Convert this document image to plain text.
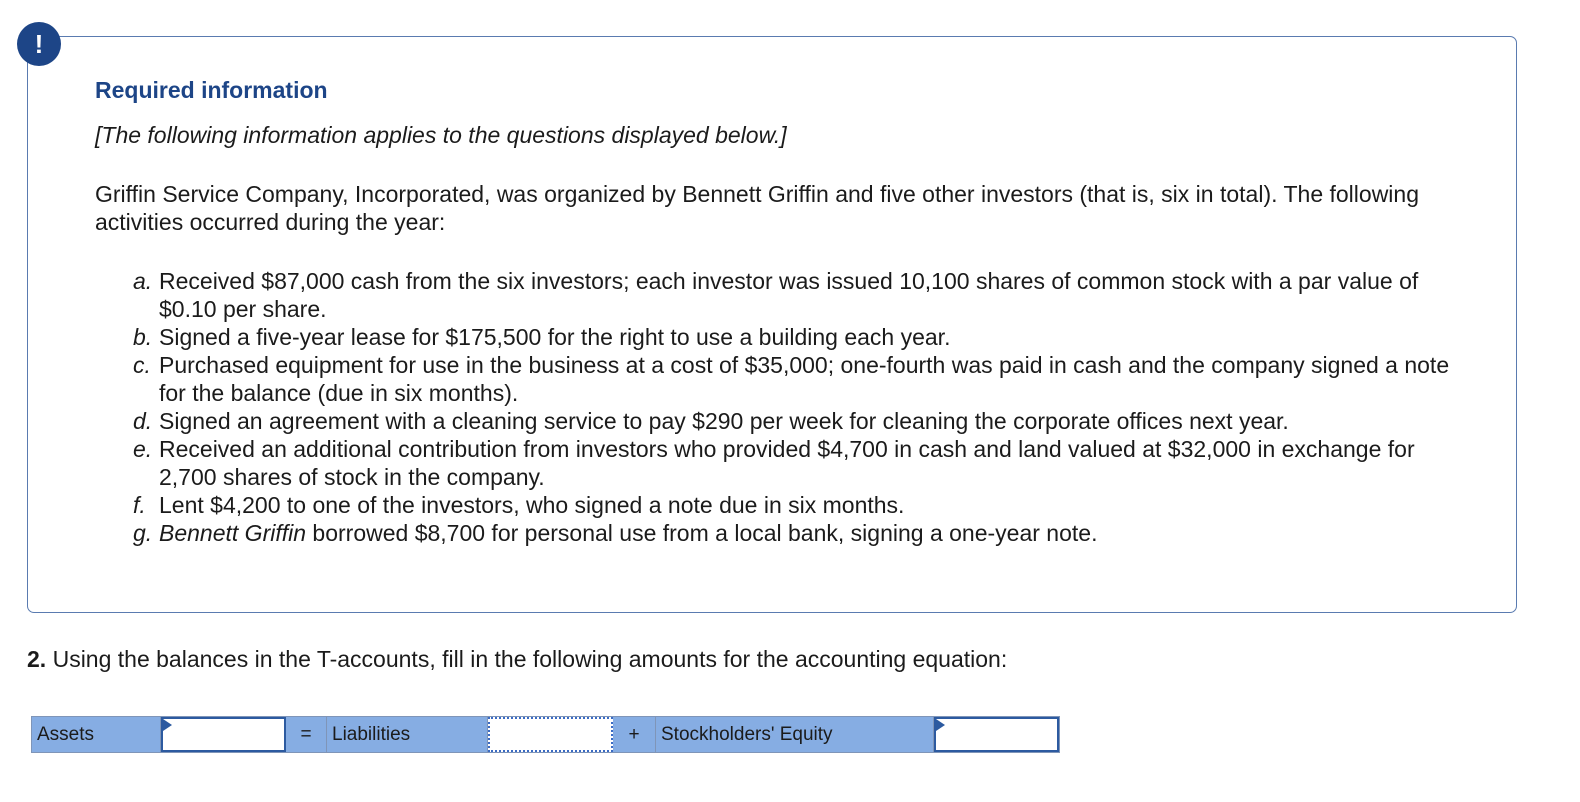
!
Required information

[The following information applies to the questions displayed below.]

Griffin Service Company, Incorporated, was organized by Bennett Griffin and five other investors (that is, six in total). The following activities occurred during the year:

a. Received $87,000 cash from the six investors; each investor was issued 10,100 shares of common stock with a par value of $0.10 per share.
b. Signed a five-year lease for $175,500 for the right to use a building each year.
c. Purchased equipment for use in the business at a cost of $35,000; one-fourth was paid in cash and the company signed a note for the balance (due in six months).
d. Signed an agreement with a cleaning service to pay $290 per week for cleaning the corporate offices next year.
e. Received an additional contribution from investors who provided $4,700 in cash and land valued at $32,000 in exchange for 2,700 shares of stock in the company.
f. Lent $4,200 to one of the investors, who signed a note due in six months.
g. Bennett Griffin borrowed $8,700 for personal use from a local bank, signing a one-year note.

2. Using the balances in the T-accounts, fill in the following amounts for the accounting equation:

Assets	=	Liabilities	+	Stockholders' Equity
